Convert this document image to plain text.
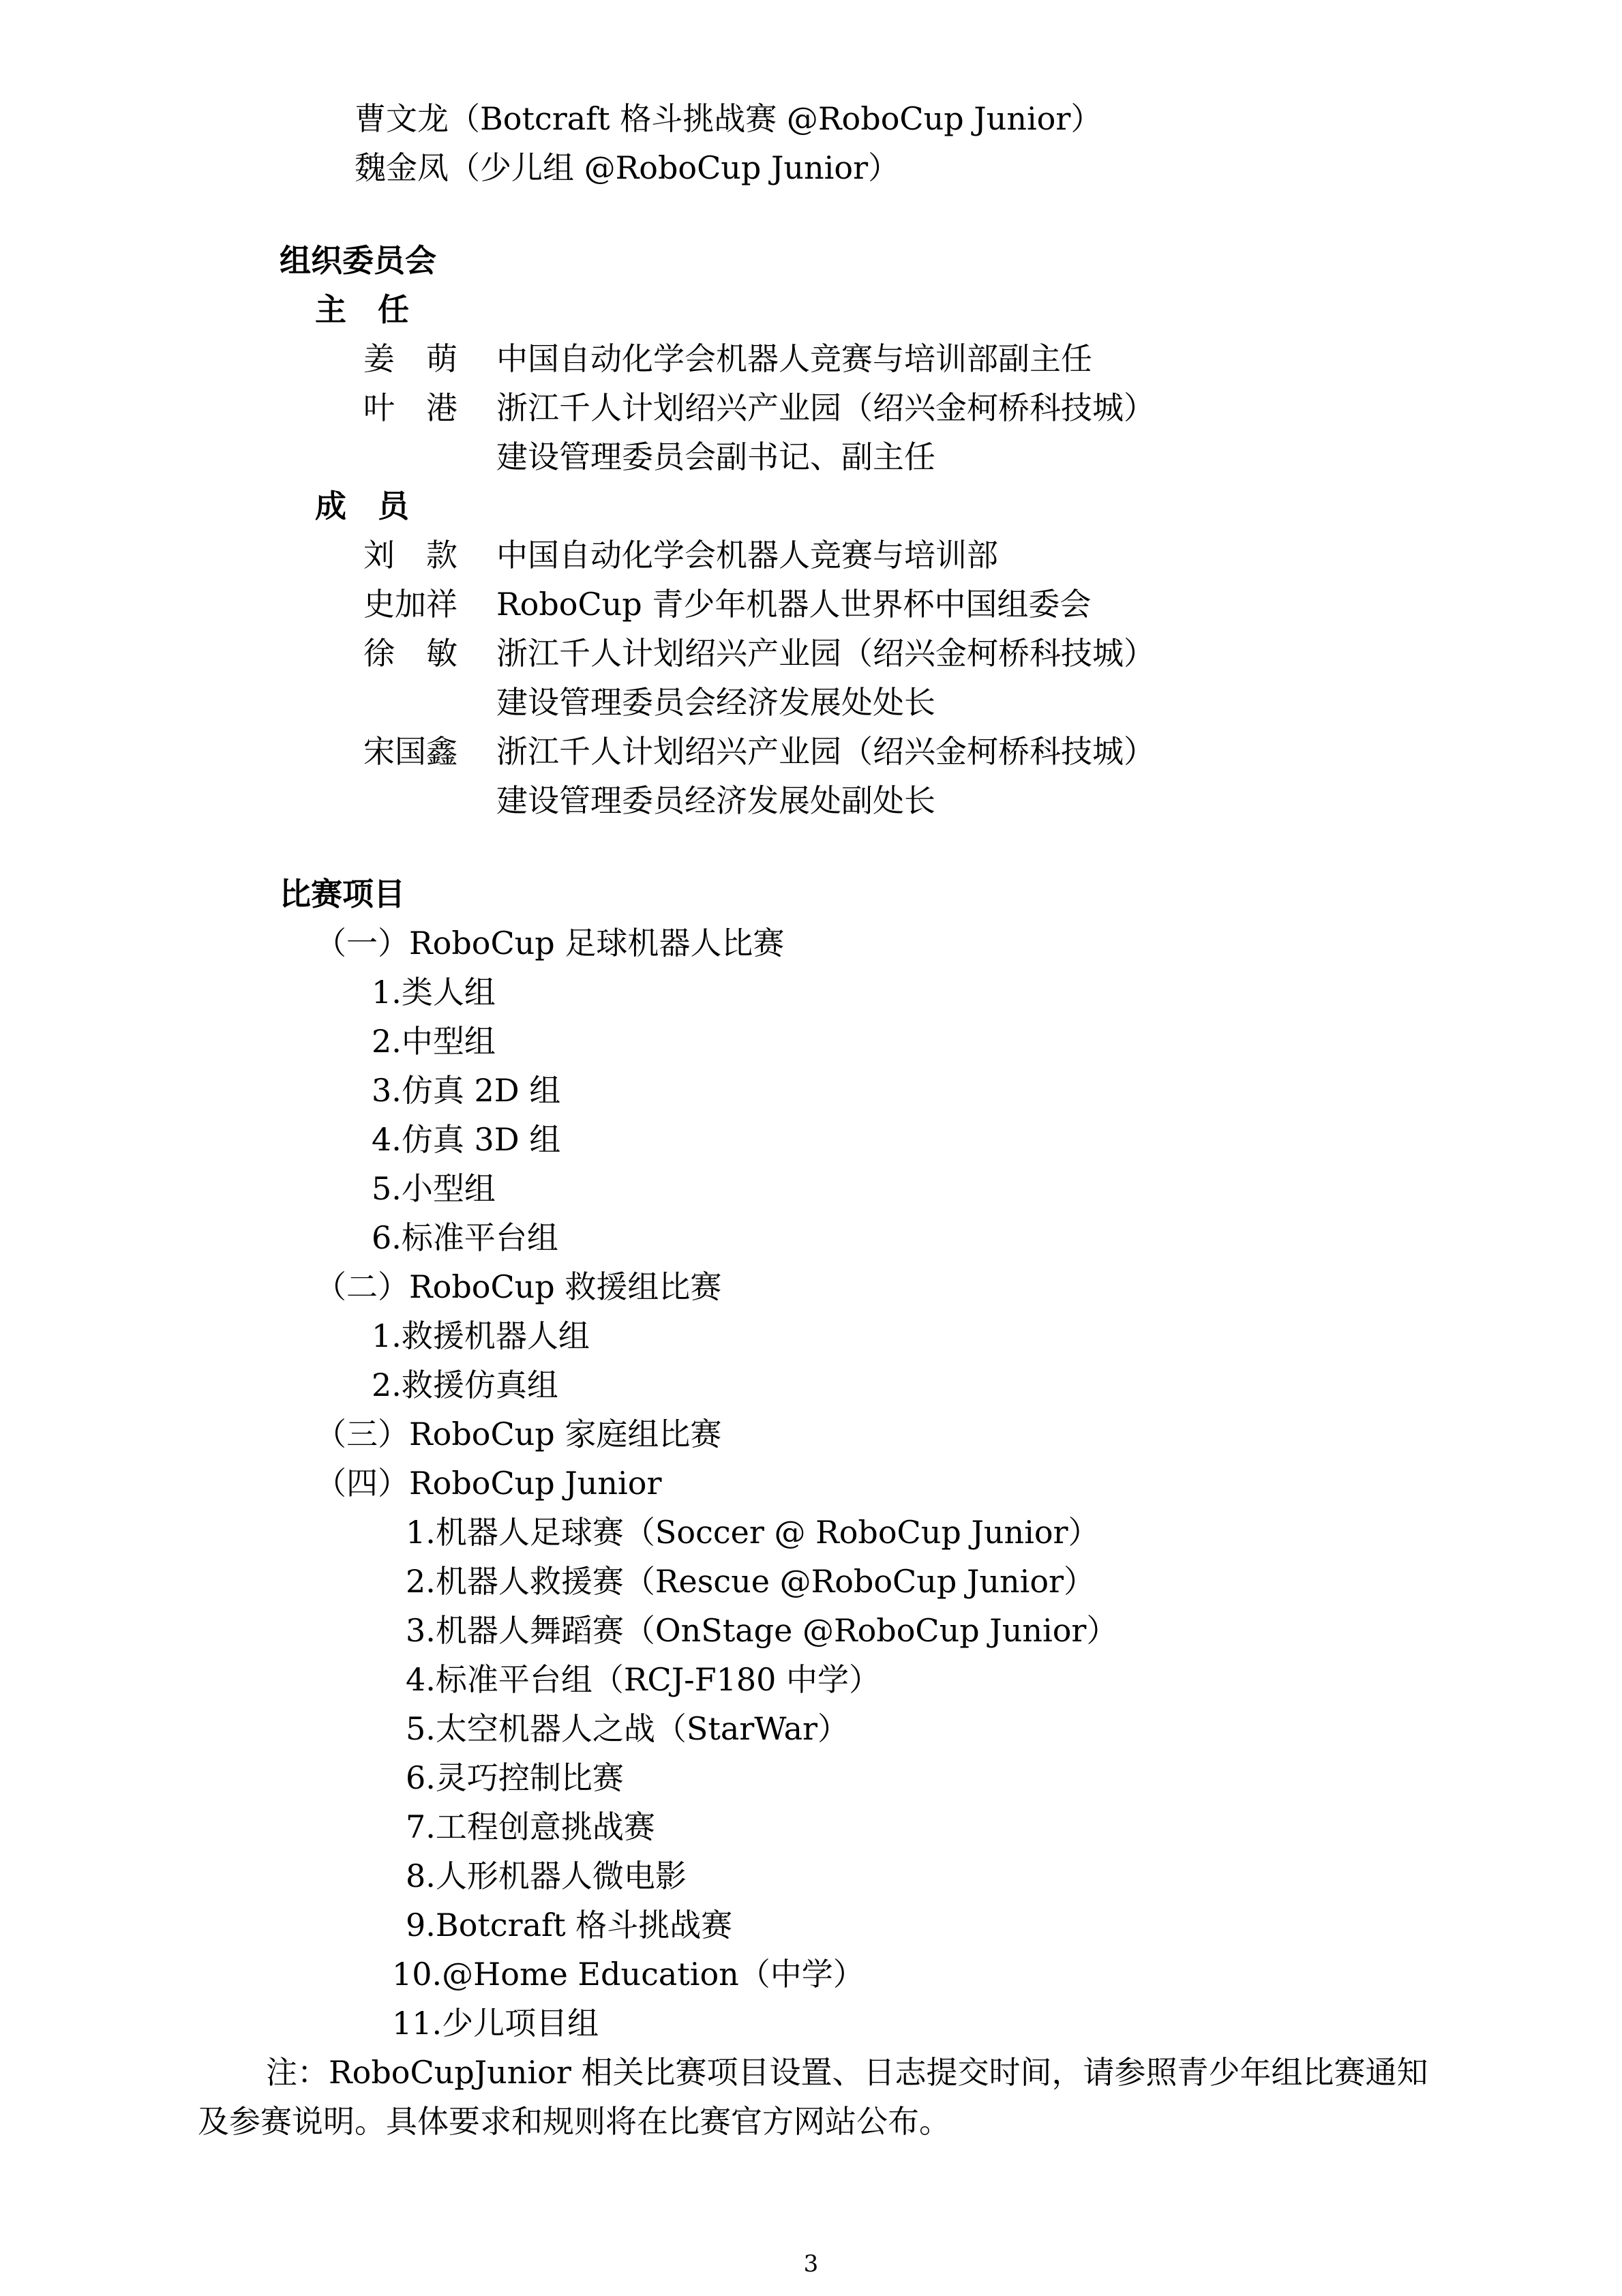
曹文龙（Botcraft 格斗挑战赛 @RoboCup Junior）
魏金凤（少儿组 @RoboCup Junior）
组织委员会
主　任
姜　萌 中国自动化学会机器人竞赛与培训部副主任
叶　港 浙江千人计划绍兴产业园（绍兴金柯桥科技城）
建设管理委员会副书记、副主任
成　员
刘　款 中国自动化学会机器人竞赛与培训部
史加祥 RoboCup 青少年机器人世界杯中国组委会
徐　敏 浙江千人计划绍兴产业园（绍兴金柯桥科技城）
建设管理委员会经济发展处处长
宋国鑫 浙江千人计划绍兴产业园（绍兴金柯桥科技城）
建设管理委员经济发展处副处长
比赛项目
（一）RoboCup 足球机器人比赛
1.类人组
2.中型组
3.仿真 2D 组
4.仿真 3D 组
5.小型组
6.标准平台组
（二）RoboCup 救援组比赛
1.救援机器人组
2.救援仿真组
（三）RoboCup 家庭组比赛
（四）RoboCup Junior
1.机器人足球赛（Soccer @ RoboCup Junior）
2.机器人救援赛（Rescue @RoboCup Junior）
3.机器人舞蹈赛（OnStage @RoboCup Junior）
4.标准平台组（RCJ-F180 中学）
5.太空机器人之战（StarWar）
6.灵巧控制比赛
7.工程创意挑战赛
8.人形机器人微电影
9.Botcraft 格斗挑战赛
10.@Home Education（中学）
11.少儿项目组
注：RoboCupJunior 相关比赛项目设置、日志提交时间，请参照青少年组比赛通知
及参赛说明。具体要求和规则将在比赛官方网站公布。
3
